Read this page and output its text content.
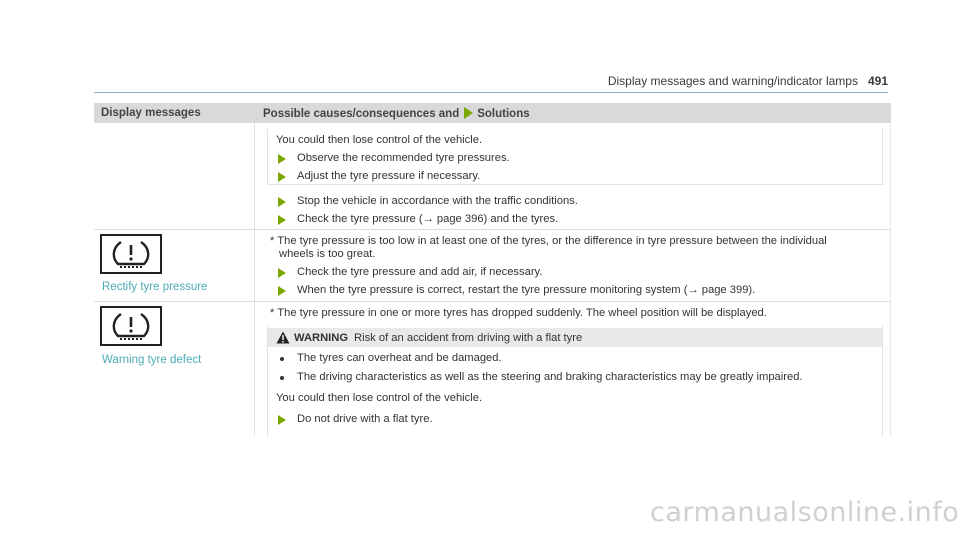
Display messages and warning/indicator lamps 491
Display messages	Possible causes/consequences and Solutions
You could then lose control of the vehicle.
Observe the recommended tyre pressures.
Adjust the tyre pressure if necessary.
Stop the vehicle in accordance with the traffic conditions.
Check the tyre pressure (→ page 396) and the tyres.
Rectify tyre pressure
* The tyre pressure is too low in at least one of the tyres, or the difference in tyre pressure between the individual
wheels is too great.
Check the tyre pressure and add air, if necessary.
When the tyre pressure is correct, restart the tyre pressure monitoring system (→ page 399).
Warning tyre defect
* The tyre pressure in one or more tyres has dropped suddenly. The wheel position will be displayed.
WARNING Risk of an accident from driving with a flat tyre
The tyres can overheat and be damaged.
The driving characteristics as well as the steering and braking characteristics may be greatly impaired.
You could then lose control of the vehicle.
Do not drive with a flat tyre.
carmanualsonline.info
